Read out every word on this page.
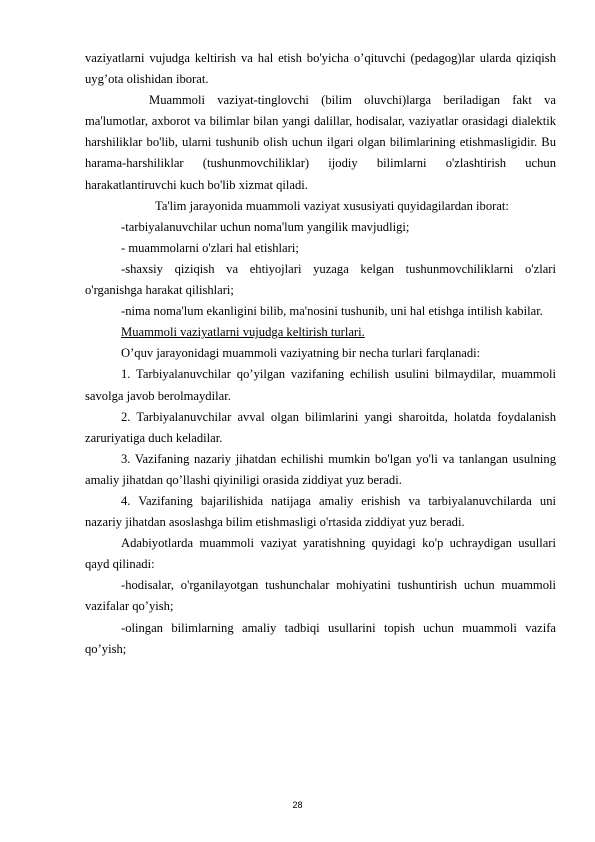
vaziyatlarni vujudga keltirish va hal etish bo'yicha o’qituvchi (pedagog)lar ularda qiziqish uyg’ota olishidan iborat.

Muammoli vaziyat-tinglovchi (bilim oluvchi)larga beriladigan fakt va ma'lumotlar, axborot va bilimlar bilan yangi dalillar, hodisalar, vaziyatlar orasidagi dialektik harshiliklar bo'lib, ularni tushunib olish uchun ilgari olgan bilimlarining etishmasligidir. Bu harama-harshiliklar (tushunmovchiliklar) ijodiy bilimlarni o'zlashtirish uchun harakatlantiruvchi kuch bo'lib xizmat qiladi.

Ta'lim jarayonida muammoli vaziyat xususiyati quyidagilardan iborat:

-tarbiyalanuvchilar uchun noma'lum yangilik mavjudligi;

- muammolarni o'zlari hal etishlari;

-shaxsiy qiziqish va ehtiyojlari yuzaga kelgan tushunmovchiliklarni o'zlari o'rganishga harakat qilishlari;

-nima noma'lum ekanligini bilib, ma'nosini tushunib, uni hal etishga intilish kabilar.

Muammoli vaziyatlarni vujudga keltirish turlari.

O’quv jarayonidagi muammoli vaziyatning bir necha turlari farqlanadi:

1. Tarbiyalanuvchilar qo’yilgan vazifaning echilish usulini bilmaydilar, muammoli savolga javob berolmaydilar.

2. Tarbiyalanuvchilar avval olgan bilimlarini yangi sharoitda, holatda foydalanish zaruriyatiga duch keladilar.

3. Vazifaning nazariy jihatdan echilishi mumkin bo'lgan yo'li va tanlangan usulning amaliy jihatdan qo’llashi qiyiniligi orasida ziddiyat yuz beradi.

4. Vazifaning bajarilishida natijaga amaliy erishish va tarbiyalanuvchilarda uni nazariy jihatdan asoslashga bilim etishmasligi o'rtasida ziddiyat yuz beradi.

Adabiyotlarda muammoli vaziyat yaratishning quyidagi ko'p uchraydigan usullari qayd qilinadi:

-hodisalar, o'rganilayotgan tushunchalar mohiyatini tushuntirish uchun muammoli vazifalar qo’yish;

-olingan bilimlarning amaliy tadbiqi usullarini topish uchun muammoli vazifa qo’yish;

28
